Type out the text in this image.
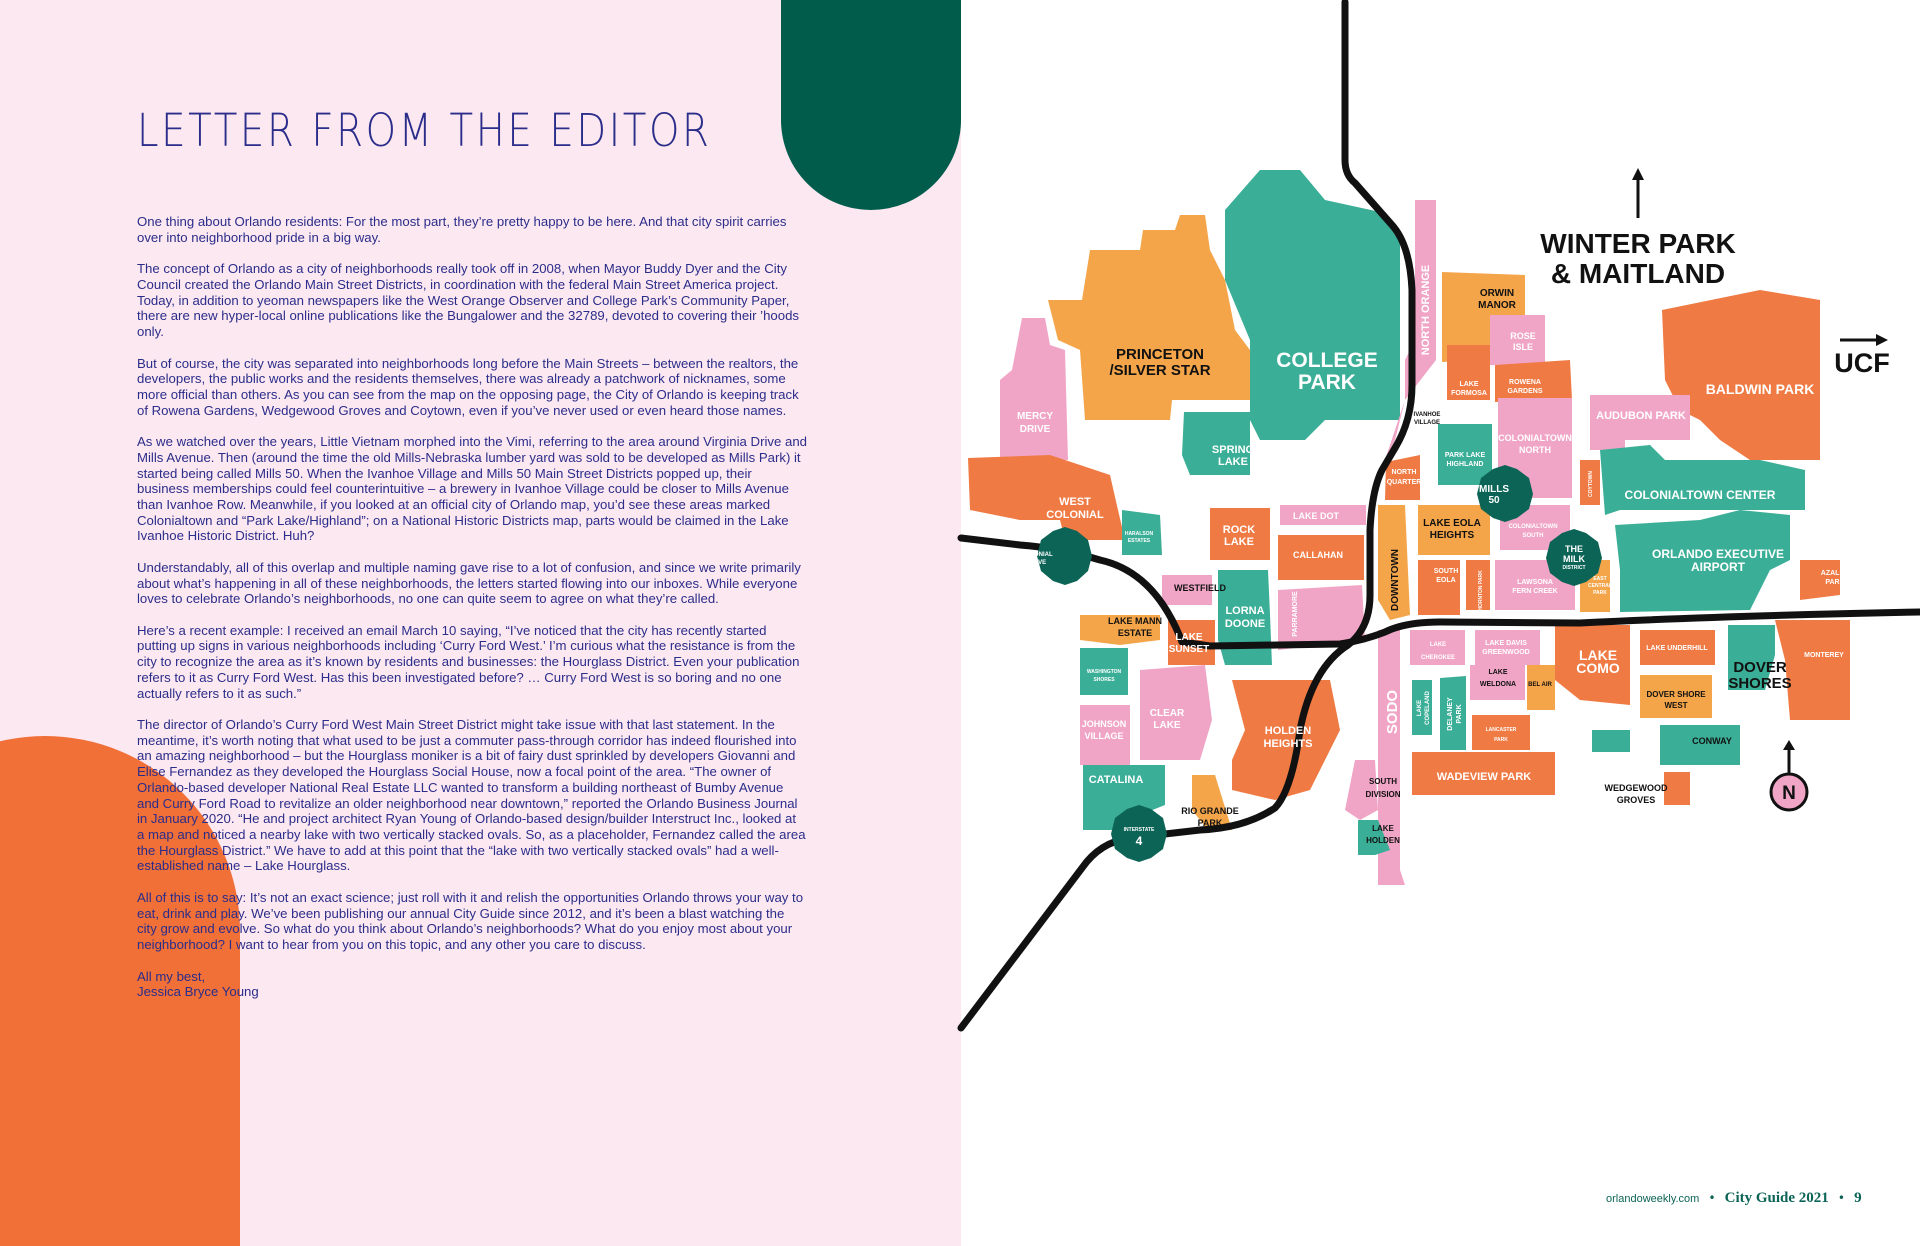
LETTER FROM THE EDITOR

One thing about Orlando residents: For the most part, they’re pretty happy to be here. And that city spirit carries over into neighborhood pride in a big way.

The concept of Orlando as a city of neighborhoods really took off in 2008, when Mayor Buddy Dyer and the City Council created the Orlando Main Street Districts, in coordination with the federal Main Street America project. Today, in addition to yeoman newspapers like the West Orange Observer and College Park’s Community Paper, there are new hyper-local online publications like the Bungalower and the 32789, devoted to covering their ’hoods only.

But of course, the city was separated into neighborhoods long before the Main Streets – between the realtors, the developers, the public works and the residents themselves, there was already a patchwork of nicknames, some more official than others. As you can see from the map on the opposing page, the City of Orlando is keeping track of Rowena Gardens, Wedgewood Groves and Coytown, even if you’ve never used or even heard those names.

As we watched over the years, Little Vietnam morphed into the Vimi, referring to the area around Virginia Drive and Mills Avenue. Then (around the time the old Mills-Nebraska lumber yard was sold to be developed as Mills Park) it started being called Mills 50. When the Ivanhoe Village and Mills 50 Main Street Districts popped up, their business memberships could feel counterintuitive – a brewery in Ivanhoe Village could be closer to Mills Avenue than Ivanhoe Row. Meanwhile, if you looked at an official city of Orlando map, you’d see these areas marked Colonialtown and “Park Lake/Highland”; on a National Historic Districts map, parts would be claimed in the Lake Ivanhoe Historic District. Huh?

Understandably, all of this overlap and multiple naming gave rise to a lot of confusion, and since we write primarily about what’s happening in all of these neighborhoods, the letters started flowing into our inboxes. While everyone loves to celebrate Orlando’s neighborhoods, no one can quite seem to agree on what they’re called.

Here’s a recent example: I received an email March 10 saying, “I’ve noticed that the city has recently started putting up signs in various neighborhoods including ‘Curry Ford West.’ I’m curious what the resistance is from the city to recognize the area as it’s known by residents and businesses: the Hourglass District. Even your publication refers to it as Curry Ford West. Has this been investigated before? … Curry Ford West is so boring and no one actually refers to it as such.”

The director of Orlando’s Curry Ford West Main Street District might take issue with that last statement. In the meantime, it’s worth noting that what used to be just a commuter pass-through corridor has indeed flourished into an amazing neighborhood – but the Hourglass moniker is a bit of fairy dust sprinkled by developers Giovanni and Elise Fernandez as they developed the Hourglass Social House, now a focal point of the area. “The owner of Orlando-based developer National Real Estate LLC wanted to transform a building northeast of Bumby Avenue and Curry Ford Road to revitalize an older neighborhood near downtown,” reported the Orlando Business Journal in January 2020. “He and project architect Ryan Young of Orlando-based design/builder Interstruct Inc., looked at a map and noticed a nearby lake with two vertically stacked ovals. So, as a placeholder, Fernandez called the area the Hourglass District.” We have to add at this point that the “lake with two vertically stacked ovals” had a well-established name – Lake Hourglass.

All of this is to say: It’s not an exact science; just roll with it and relish the opportunities Orlando throws your way to eat, drink and play. We’ve been publishing our annual City Guide since 2012, and it’s been a blast watching the city grow and evolve. So what do you think about Orlando’s neighborhoods? What do you enjoy most about your neighborhood? I want to hear from you on this topic, and any other you care to discuss.

All my best,

Jessica Bryce Young

N
WINTER PARK
& MAITLAND
UCF
MERCY
DRIVE
PRINCETON
/SILVER STAR	COLLEGE
PARK
NORTH ORANGE	ORWIN
MANOR
ROSE
ISLE
BALDWIN PARK
LAKE
FORMOSA
ROWENA
GARDENS
AUDUBON PARK
IVANHOE
VILLAGE
SPRING
LAKE
PARK LAKE
HIGHLAND
COLONIALTOWN
NORTH
NORTH
QUARTER
MILLS
50
COYTOWN	COLONIALTOWN CENTER
WEST
COLONIAL
HARALSON
ESTATES
LAKE DOT
ROCK
LAKE
LAKE EOLA
HEIGHTS
COLONIALTOWN
SOUTH
COLONIAL
DRIVE
CALLAHAN	DOWNTOWN	THE
MILK
DISTRICT
ORLANDO EXECUTIVE
AIRPORT	AZALEA
PARK
WESTFIELD
SOUTH
EOLA	THORNTON PARK	LAWSONA
FERN CREEK
EAST
CENTRAL
PARK
LORNA
DOONE	PARRAMORE
LAKE MANN
ESTATE LAKE
SUNSET	LAKE
CHEROKEE
LAKE DAVIS
GREENWOOD	LAKE
COMO
LAKE UNDERHILL
MONTEREY
DOVER
SHORES
WASHINGTON
SHORES
LAKE
WELDONA BEL AIR
DOVER SHORE
WEST
JOHNSON
VILLAGE
CLEAR
LAKE	SODO	LAKE COPELAND DELANEY PARK
LANCASTER
PARK	CONWAY
HOLDEN
HEIGHTS
CATALINA	SOUTH
DIVISION
WADEVIEW PARK
WEDGEWOOD
GROVES
RIO GRANDE
PARK
INTERSTATE
4
LAKE
HOLDEN
orlandoweekly.com • City Guide 2021 • 9
